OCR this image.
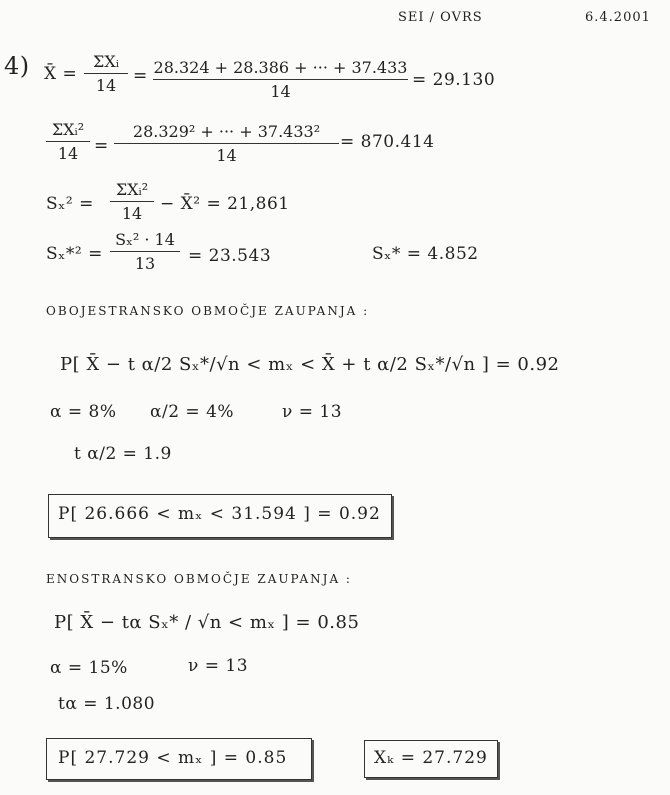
SEI / OVRS	6.4.2001
4) X̄ =
ΣXᵢ
14 = 28.324 + 28.386 + ··· + 37.433
14
= 29.130
ΣXᵢ²
14 =
28.329² + ··· + 37.433²
14
= 870.414
Sₓ² =
ΣXᵢ²
14 − X̄² = 21,861
Sₓ*² =
Sₓ² · 14
13 = 23.543	Sₓ* = 4.852
OBOJESTRANSKO OBMOČJE ZAUPANJA :
P[ X̄ − t α/2 Sₓ*/√n < mₓ < X̄ + t α/2 Sₓ*/√n ] = 0.92
α = 8% α/2 = 4%	ν = 13
t α/2 = 1.9
P[ 26.666 < mₓ < 31.594 ] = 0.92
ENOSTRANSKO OBMOČJE ZAUPANJA :
P[ X̄ − tα Sₓ* / √n < mₓ ] = 0.85
α = 15%	ν = 13
tα = 1.080
P[ 27.729 < mₓ ] = 0.85	Xₖ = 27.729
